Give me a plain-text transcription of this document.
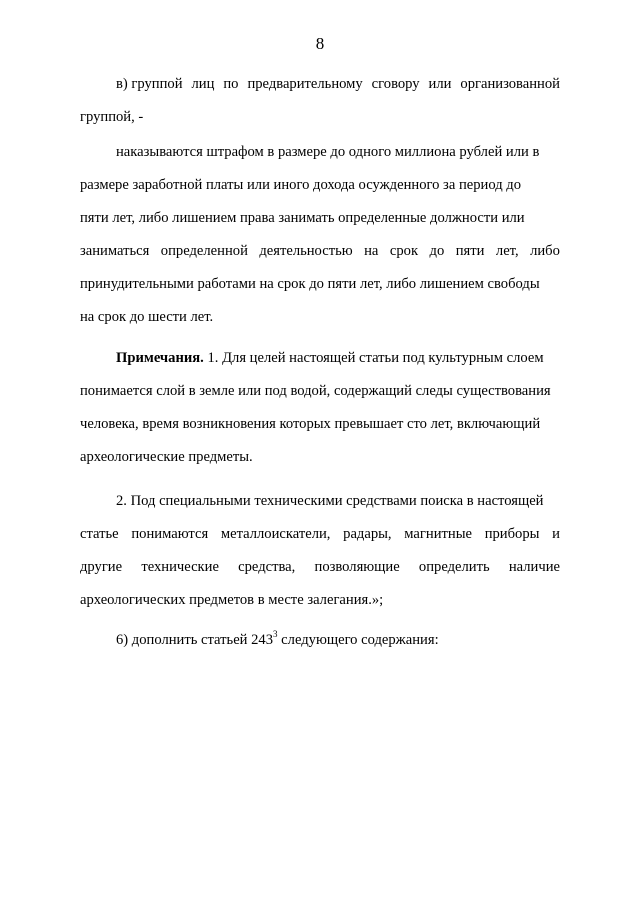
8
в) группой лиц по предварительному сговору или организованной
группой, -
наказываются штрафом в размере до одного миллиона рублей или в
размере заработной платы или иного дохода осужденного за период до
пяти лет, либо лишением права занимать определенные должности или
заниматься определенной деятельностью на срок до пяти лет, либо
принудительными работами на срок до пяти лет, либо лишением свободы
на срок до шести лет.
Примечания. 1. Для целей настоящей статьи под культурным слоем
понимается слой в земле или под водой, содержащий следы существования
человека, время возникновения которых превышает сто лет, включающий
археологические предметы.
2. Под специальными техническими средствами поиска в настоящей
статье понимаются металлоискатели, радары, магнитные приборы и
другие технические средства, позволяющие определить наличие
археологических предметов в месте залегания.»;
6) дополнить статьей $243^3$ следующего содержания:
